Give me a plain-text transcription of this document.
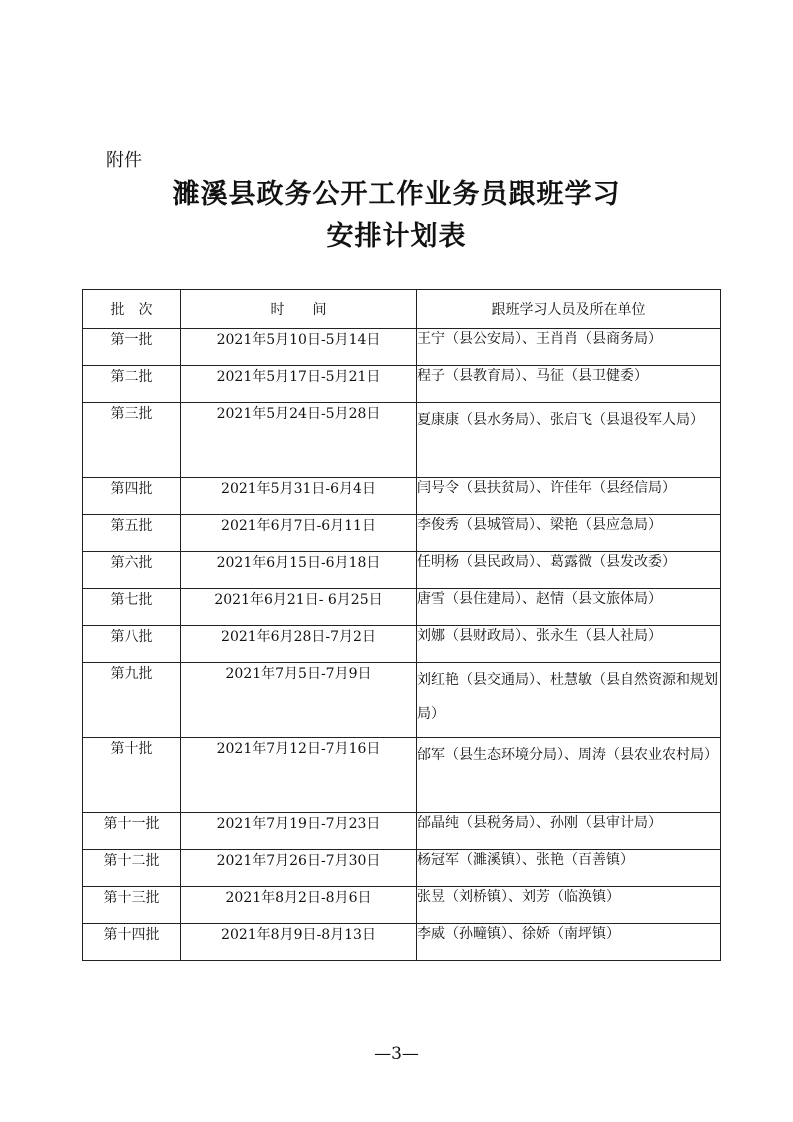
附件
濉溪县政务公开工作业务员跟班学习
安排计划表
批　次	时　　间	跟班学习人员及所在单位
第一批	2021年5月10日-5月14日	王宁（县公安局）、王肖肖（县商务局）
第二批	2021年5月17日-5月21日	程子（县教育局）、马征（县卫健委）
第三批	2021年5月24日-5月28日	夏康康（县水务局）、张启飞（县退役军人局）
第四批	2021年5月31日-6月4日	闫号令（县扶贫局）、许佳年（县经信局）
第五批	2021年6月7日-6月11日	李俊秀（县城管局）、梁艳（县应急局）
第六批	2021年6月15日-6月18日	任明杨（县民政局）、葛露微（县发改委）
第七批	2021年6月21日- 6月25日	唐雪（县住建局）、赵情（县文旅体局）
第八批	2021年6月28日-7月2日	刘娜（县财政局）、张永生（县人社局）
第九批	2021年7月5日-7月9日	刘红艳（县交通局）、杜慧敏（县自然资源和规划局）
第十批	2021年7月12日-7月16日	邰军（县生态环境分局）、周涛（县农业农村局）
第十一批	2021年7月19日-7月23日	邰晶纯（县税务局）、孙刚（县审计局）
第十二批	2021年7月26日-7月30日	杨冠军（濉溪镇）、张艳（百善镇）
第十三批	2021年8月2日-8月6日	张昱（刘桥镇）、刘芳（临涣镇）
第十四批	2021年8月9日-8月13日	李威（孙疃镇）、徐娇（南坪镇）
—3—
